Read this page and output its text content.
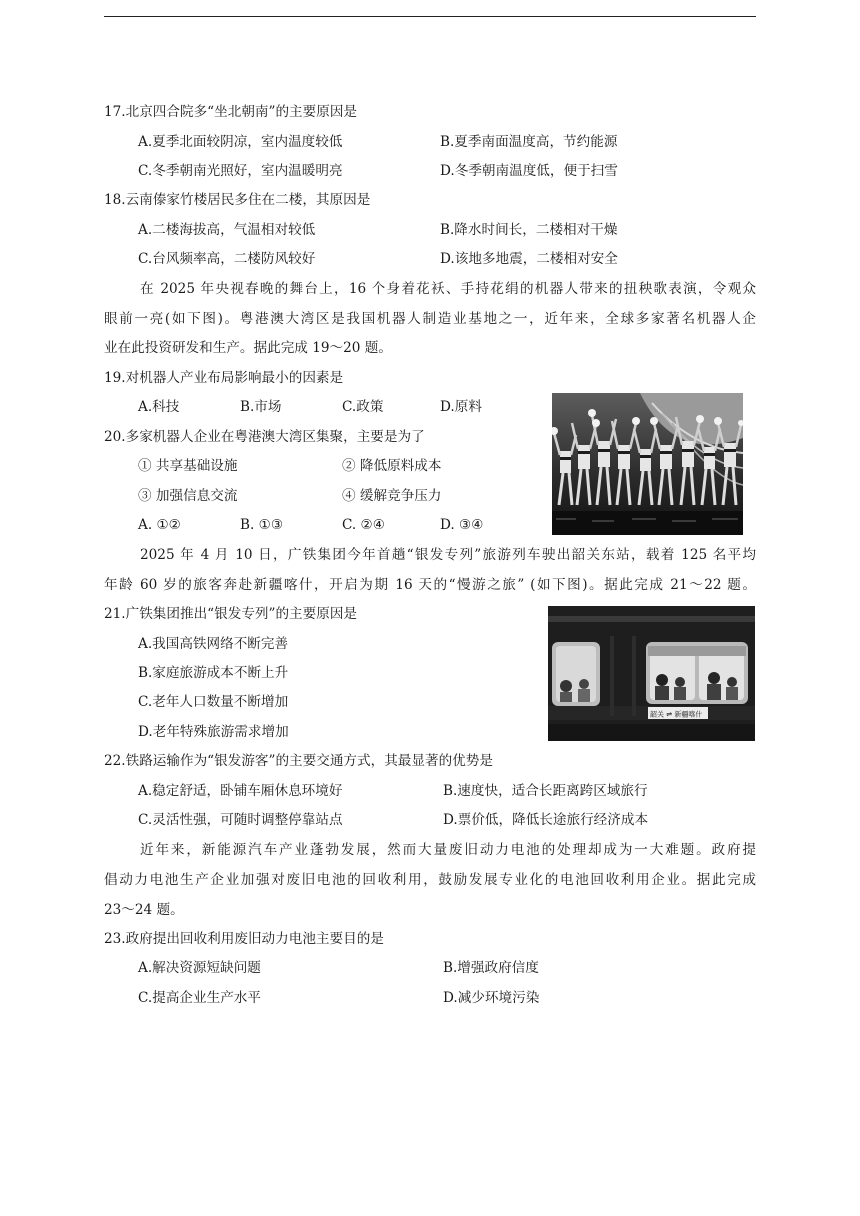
17.北京四合院多“坐北朝南”的主要原因是
A.夏季北面较阴凉，室内温度较低	B.夏季南面温度高，节约能源
C.冬季朝南光照好，室内温暖明亮	D.冬季朝南温度低，便于扫雪
18.云南傣家竹楼居民多住在二楼，其原因是
A.二楼海拔高，气温相对较低	B.降水时间长，二楼相对干燥
C.台风频率高，二楼防风较好	D.该地多地震，二楼相对安全
在 2025 年央视春晚的舞台上，16 个身着花袄、手持花绢的机器人带来的扭秧歌表演，令观众
眼前一亮(如下图)。粤港澳大湾区是我国机器人制造业基地之一，近年来，全球多家著名机器人企
业在此投资研发和生产。据此完成 19～20 题。
19.对机器人产业布局影响最小的因素是
A.科技	B.市场	C.政策	D.原料
20.多家机器人企业在粤港澳大湾区集聚，主要是为了
① 共享基础设施	② 降低原料成本
③ 加强信息交流	④ 缓解竞争压力
A. ①②	B. ①③	C. ②④	D. ③④
2025 年 4 月 10 日，广铁集团今年首趟“银发专列”旅游列车驶出韶关东站，载着 125 名平均
年龄 60 岁的旅客奔赴新疆喀什，开启为期 16 天的“慢游之旅” (如下图)。据此完成 21～22 题。
21.广铁集团推出“银发专列”的主要原因是
A.我国高铁网络不断完善
B.家庭旅游成本不断上升
C.老年人口数量不断增加
D.老年特殊旅游需求增加
韶关 ⇌ 新疆喀什
22.铁路运输作为“银发游客”的主要交通方式，其最显著的优势是
A.稳定舒适，卧铺车厢休息环境好	B.速度快，适合长距离跨区域旅行
C.灵活性强，可随时调整停靠站点	D.票价低，降低长途旅行经济成本
近年来，新能源汽车产业蓬勃发展，然而大量废旧动力电池的处理却成为一大难题。政府提
倡动力电池生产企业加强对废旧电池的回收利用，鼓励发展专业化的电池回收利用企业。据此完成
23～24 题。
23.政府提出回收利用废旧动力电池主要目的是
A.解决资源短缺问题	B.增强政府信度
C.提高企业生产水平	D.减少环境污染
